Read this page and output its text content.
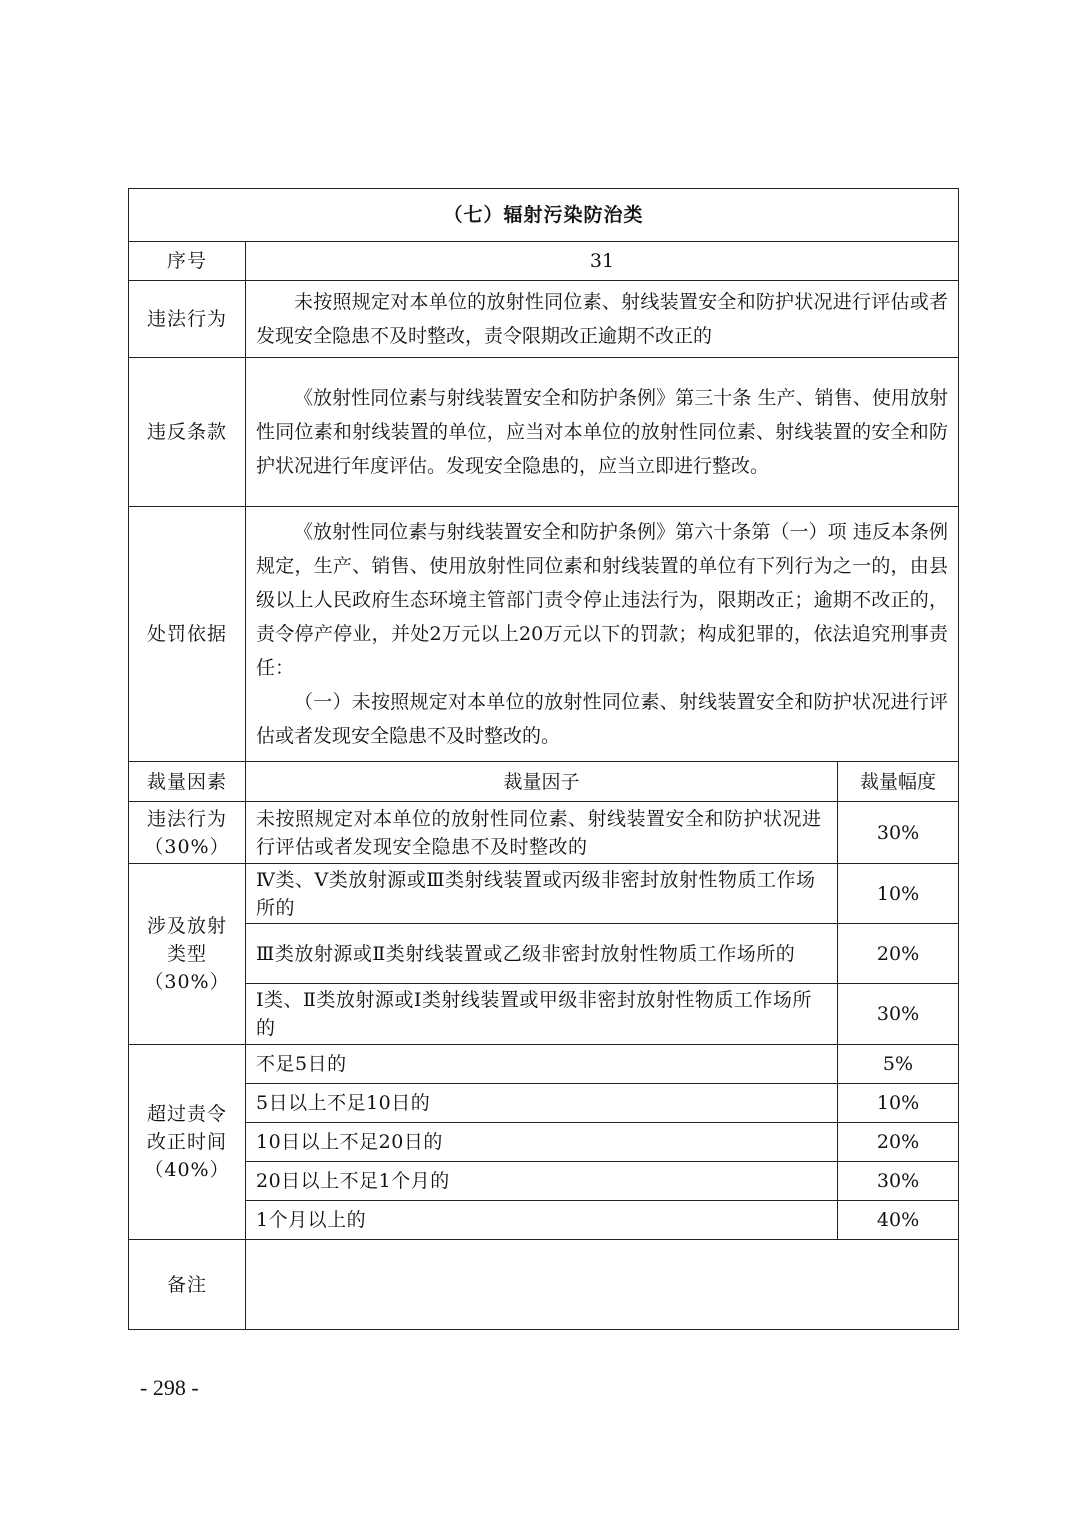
（七）辐射污染防治类		
序号	31	
违法行为	未按照规定对本单位的放射性同位素、射线装置安全和防护状况进行评估或者发现安全隐患不及时整改，责令限期改正逾期不改正的	

违反条款	《放射性同位素与射线装置安全和防护条例》第三十条 生产、销售、使用放射性同位素和射线装置的单位，应当对本单位的放射性同位素、射线装置的安全和防护状况进行年度评估。发现安全隐患的，应当立即进行整改。	

处罚依据	《放射性同位素与射线装置安全和防护条例》第六十条第（一）项 违反本条例规定，生产、销售、使用放射性同位素和射线装置的单位有下列行为之一的，由县级以上人民政府生态环境主管部门责令停止违法行为，限期改正；逾期不改正的，责令停产停业，并处2万元以上20万元以下的罚款；构成犯罪的，依法追究刑事责任：

（一）未按照规定对本单位的放射性同位素、射线装置安全和防护状况进行评估或者发现安全隐患不及时整改的。	

裁量因素	裁量因子	裁量幅度
违法行为（30%）	未按照规定对本单位的放射性同位素、射线装置安全和防护状况进行评估或者发现安全隐患不及时整改的	30%
涉及放射类型（30%）	Ⅳ类、Ⅴ类放射源或Ⅲ类射线装置或丙级非密封放射性物质工作场所的	10%
	Ⅲ类放射源或Ⅱ类射线装置或乙级非密封放射性物质工作场所的	20%
	Ⅰ类、Ⅱ类放射源或Ⅰ类射线装置或甲级非密封放射性物质工作场所的	30%
超过责令改正时间（40%）	不足5日的	5%
	5日以上不足10日的	10%
	10日以上不足20日的	20%
	20日以上不足1个月的	30%
	1个月以上的	40%
备注		
- 298 -
